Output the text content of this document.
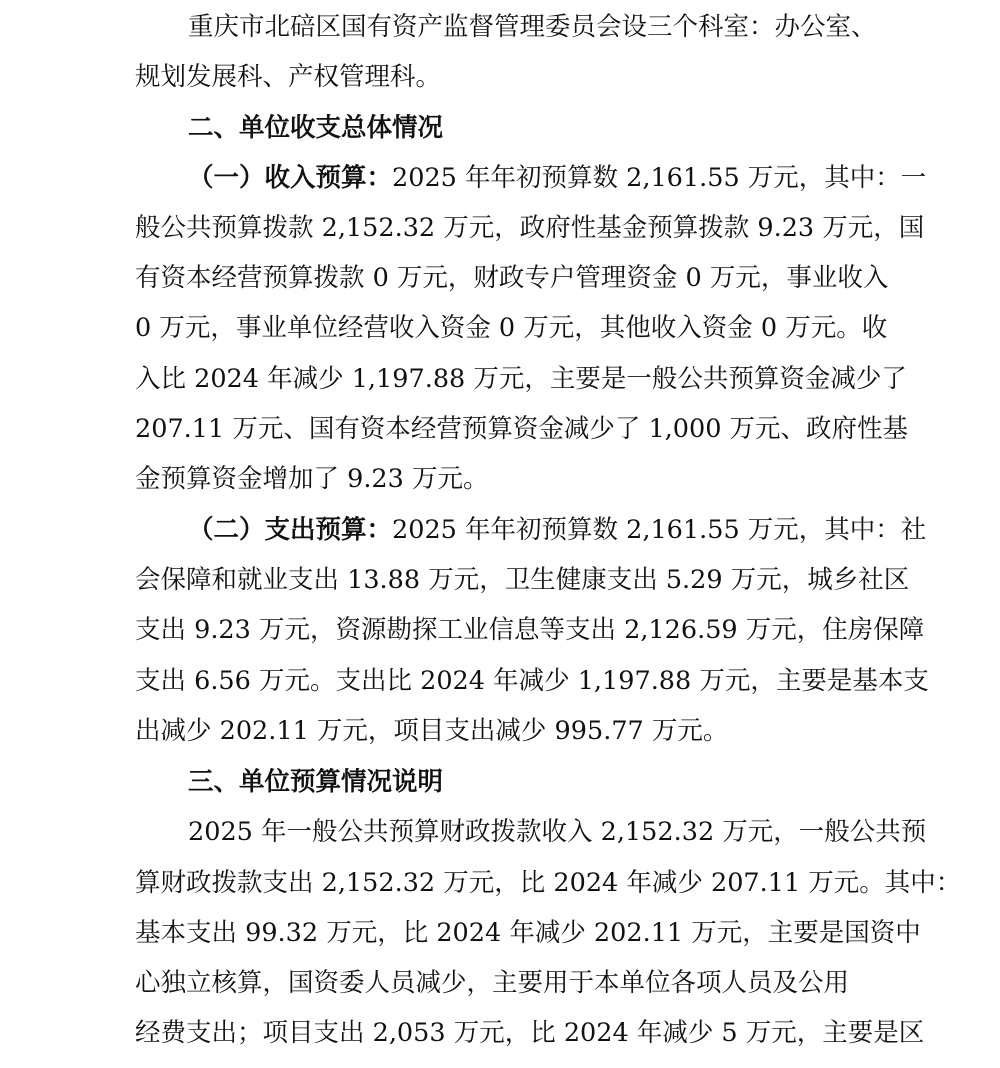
重庆市北碚区国有资产监督管理委员会设三个科室：办公室、
规划发展科、产权管理科。
二、单位收支总体情况
（一）收入预算：2025 年年初预算数 2,161.55 万元，其中：一
般公共预算拨款 2,152.32 万元，政府性基金预算拨款 9.23 万元，国
有资本经营预算拨款 0 万元，财政专户管理资金 0 万元，事业收入
0 万元，事业单位经营收入资金 0 万元，其他收入资金 0 万元。收
入比 2024 年减少 1,197.88 万元，主要是一般公共预算资金减少了
207.11 万元、国有资本经营预算资金减少了 1,000 万元、政府性基
金预算资金增加了 9.23 万元。
（二）支出预算：2025 年年初预算数 2,161.55 万元，其中：社
会保障和就业支出 13.88 万元，卫生健康支出 5.29 万元，城乡社区
支出 9.23 万元，资源勘探工业信息等支出 2,126.59 万元，住房保障
支出 6.56 万元。支出比 2024 年减少 1,197.88 万元，主要是基本支
出减少 202.11 万元，项目支出减少 995.77 万元。
三、单位预算情况说明
2025 年一般公共预算财政拨款收入 2,152.32 万元，一般公共预
算财政拨款支出 2,152.32 万元，比 2024 年减少 207.11 万元。其中：
基本支出 99.32 万元，比 2024 年减少 202.11 万元，主要是国资中
心独立核算，国资委人员减少，主要用于本单位各项人员及公用
经费支出；项目支出 2,053 万元，比 2024 年减少 5 万元，主要是区
